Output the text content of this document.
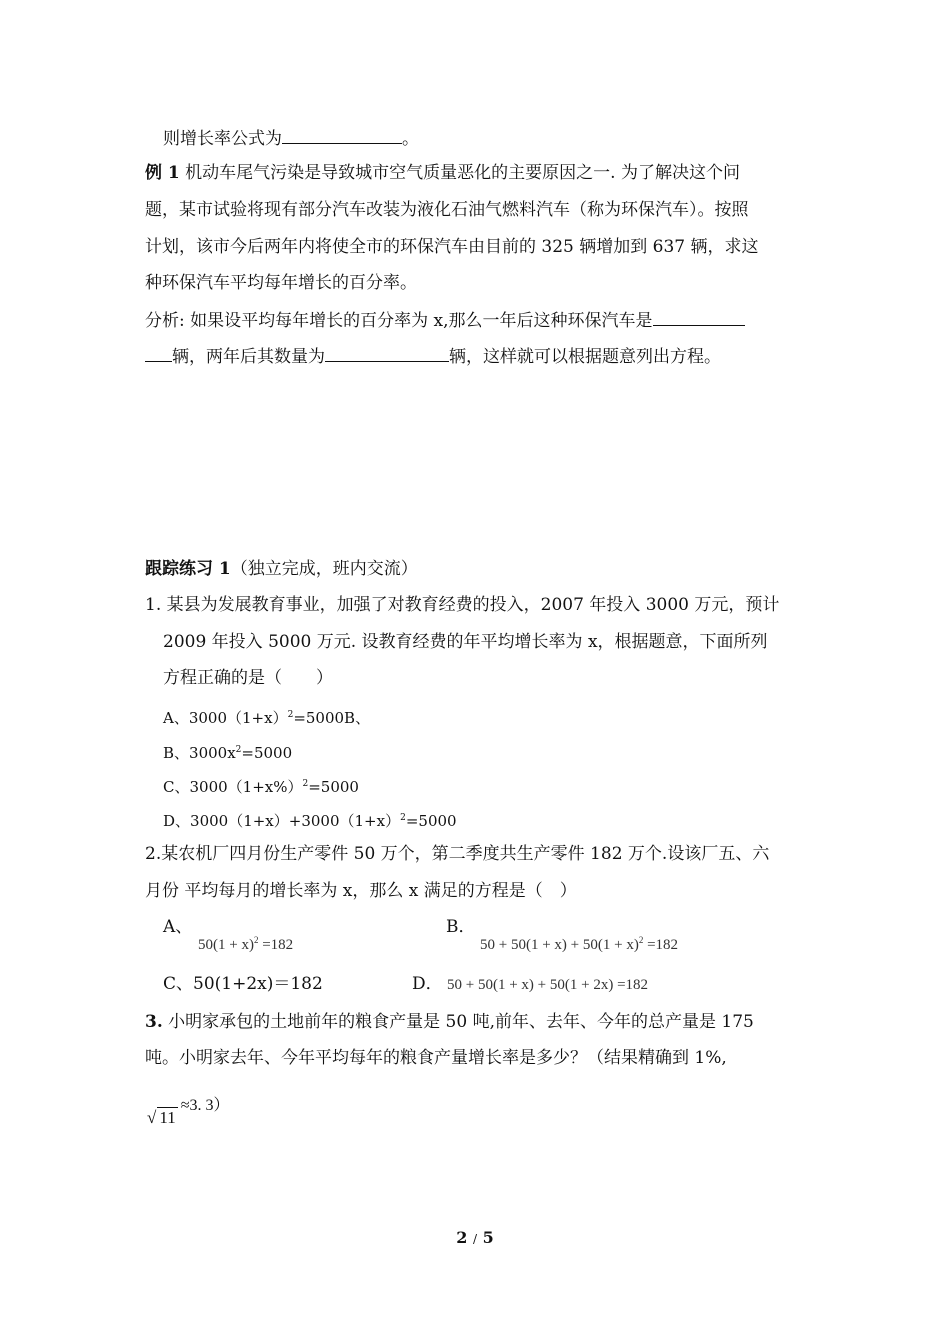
则增长率公式为	。
例 1 机动车尾气污染是导致城市空气质量恶化的主要原因之一. 为了解决这个问
题，某市试验将现有部分汽车改装为液化石油气燃料汽车（称为环保汽车）。按照
计划，该市今后两年内将使全市的环保汽车由目前的 325 辆增加到 637 辆，求这
种环保汽车平均每年增长的百分率。
分析: 如果设平均每年增长的百分率为 x,那么一年后这种环保汽车是
辆，两年后其数量为	辆，这样就可以根据题意列出方程。
跟踪练习 1（独立完成，班内交流）
1. 某县为发展教育事业，加强了对教育经费的投入，2007 年投入 3000 万元，预计
2009 年投入 5000 万元. 设教育经费的年平均增长率为 x，根据题意，下面所列
方程正确的是（　　）
A、$3000(1+x)^2=5000B$、
B、$3000x^2=5000$
C、$3000(1+x\%)^2=5000$
D、$3000(1+x)+3000(1+x)^2=5000$
2.某农机厂四月份生产零件 50 万个，第二季度共生产零件 182 万个.设该厂五、六
月份 平均每月的增长率为 x，那么 x 满足的方程是（　）
A、
$50(1 + x)^2 =182$
B．
$50 + 50(1 + x) + 50(1 + x)^2 =182$
C、50(1+2x)＝182	D． 50 + 50(1 + x) + 50(1 + 2x) =182
3. 小明家承包的土地前年的粮食产量是 50 吨,前年、去年、今年的总产量是 175
吨。小明家去年、今年平均每年的粮食产量增长率是多少？（结果精确到 1%,
√ 11≈3. 3）
2 / 5
